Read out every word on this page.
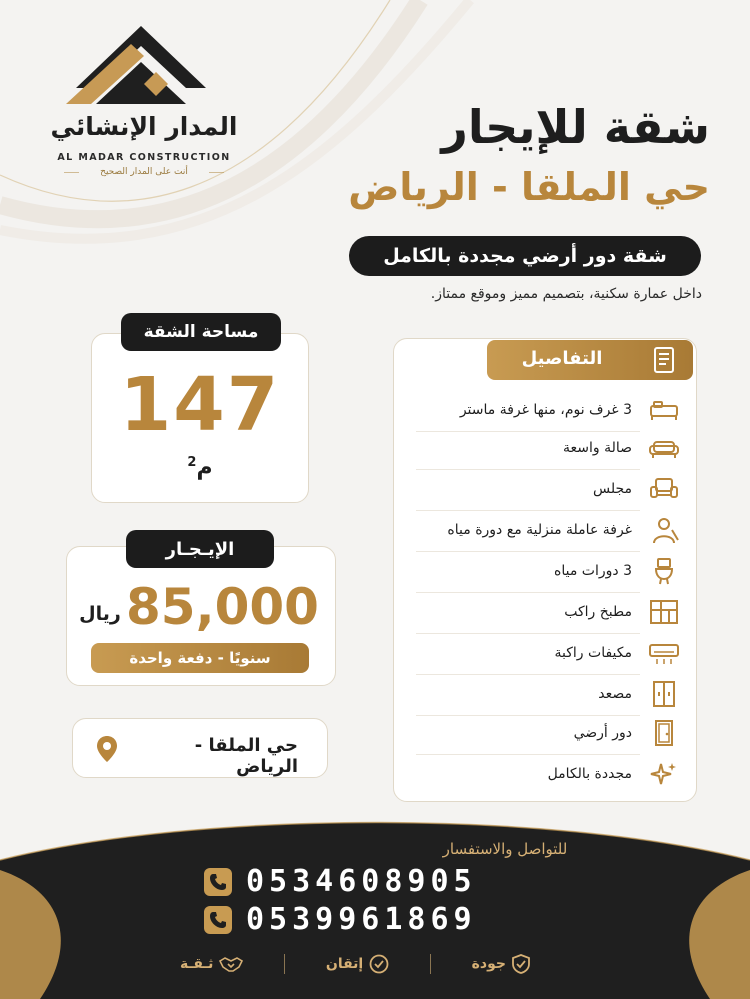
المدار الإنشائي
AL MADAR CONSTRUCTION
أنت على المدار الصحيح
شقة للإيجار
حي الملقا - الرياض
شقة دور أرضي مجددة بالكامل
داخل عمارة سكنية، بتصميم مميز وموقع ممتاز.
مساحة الشقة
147
م$^2$
الإيـجـار
85,000
ريال
سنويًا - دفعة واحدة
حي الملقا - الرياض
التفاصيل
3 غرف نوم، منها غرفة ماستر
صالة واسعة
مجلس
غرفة عاملة منزلية مع دورة مياه
3 دورات مياه
مطبخ راكب
مكيفات راكبة
مصعد
دور أرضي
مجددة بالكامل
للتواصل والاستفسار
0534608905
0539961869
جودة
إتقان
ثـقـة
